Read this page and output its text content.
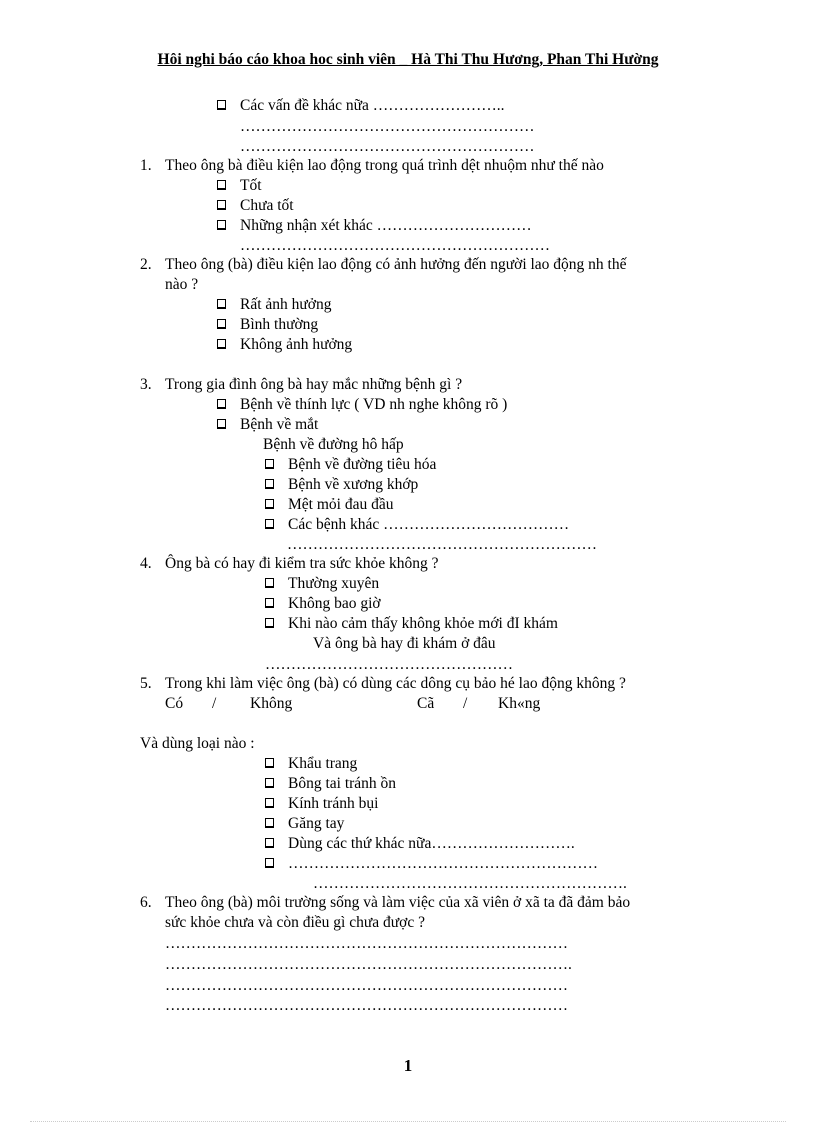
Hôi nghi báo cáo khoa hoc sinh viên _ Hà Thi Thu Hương, Phan Thi Hường
Các vấn đề khác nữa ……………………..
…………………………………………………
…………………………………………………
1. Theo ông bà điều kiện lao động trong quá trình dệt nhuộm như thế nào
Tốt
Chưa tốt
Những nhận xét khác …………………………
……………………………………………………
2. Theo ông (bà) điều kiện lao động có ảnh hưởng đến người lao động nh thế
nào ?
Rất ảnh hưởng
Bình thường
Không ảnh hưởng
3. Trong gia đình ông bà hay mắc những bệnh gì ?
Bệnh về thính lực ( VD nh nghe không rõ )
Bệnh về mắt
Bệnh về đường hô hấp
Bệnh về đường tiêu hóa
Bệnh về xương khớp
Mệt mỏi đau đầu
Các bệnh khác ………………………………
……………………………………………………
4. Ông bà có hay đi kiểm tra sức khỏe không ?
Thường xuyên
Không bao giờ
Khi nào cảm thấy không khỏe mới đI khám
Và ông bà hay đi khám ở đâu
…………………………………………
5. Trong khi làm việc ông (bà) có dùng các dông cụ bảo hé lao động không ?
Có / Không	Cã / Kh«ng
Và dùng loại nào :
Khẩu trang
Bông tai tránh ồn
Kính tránh bụi
Găng tay
Dùng các thứ khác nữa……………………….
……………………………………………………
…………………………………………………….
6. Theo ông (bà) môi trường sống và làm việc của xã viên ở xã ta đã đảm bảo
sức khỏe chưa và còn điều gì chưa được ?
……………………………………………………………………
…………………………………………………………………….
……………………………………………………………………
……………………………………………………………………
1
